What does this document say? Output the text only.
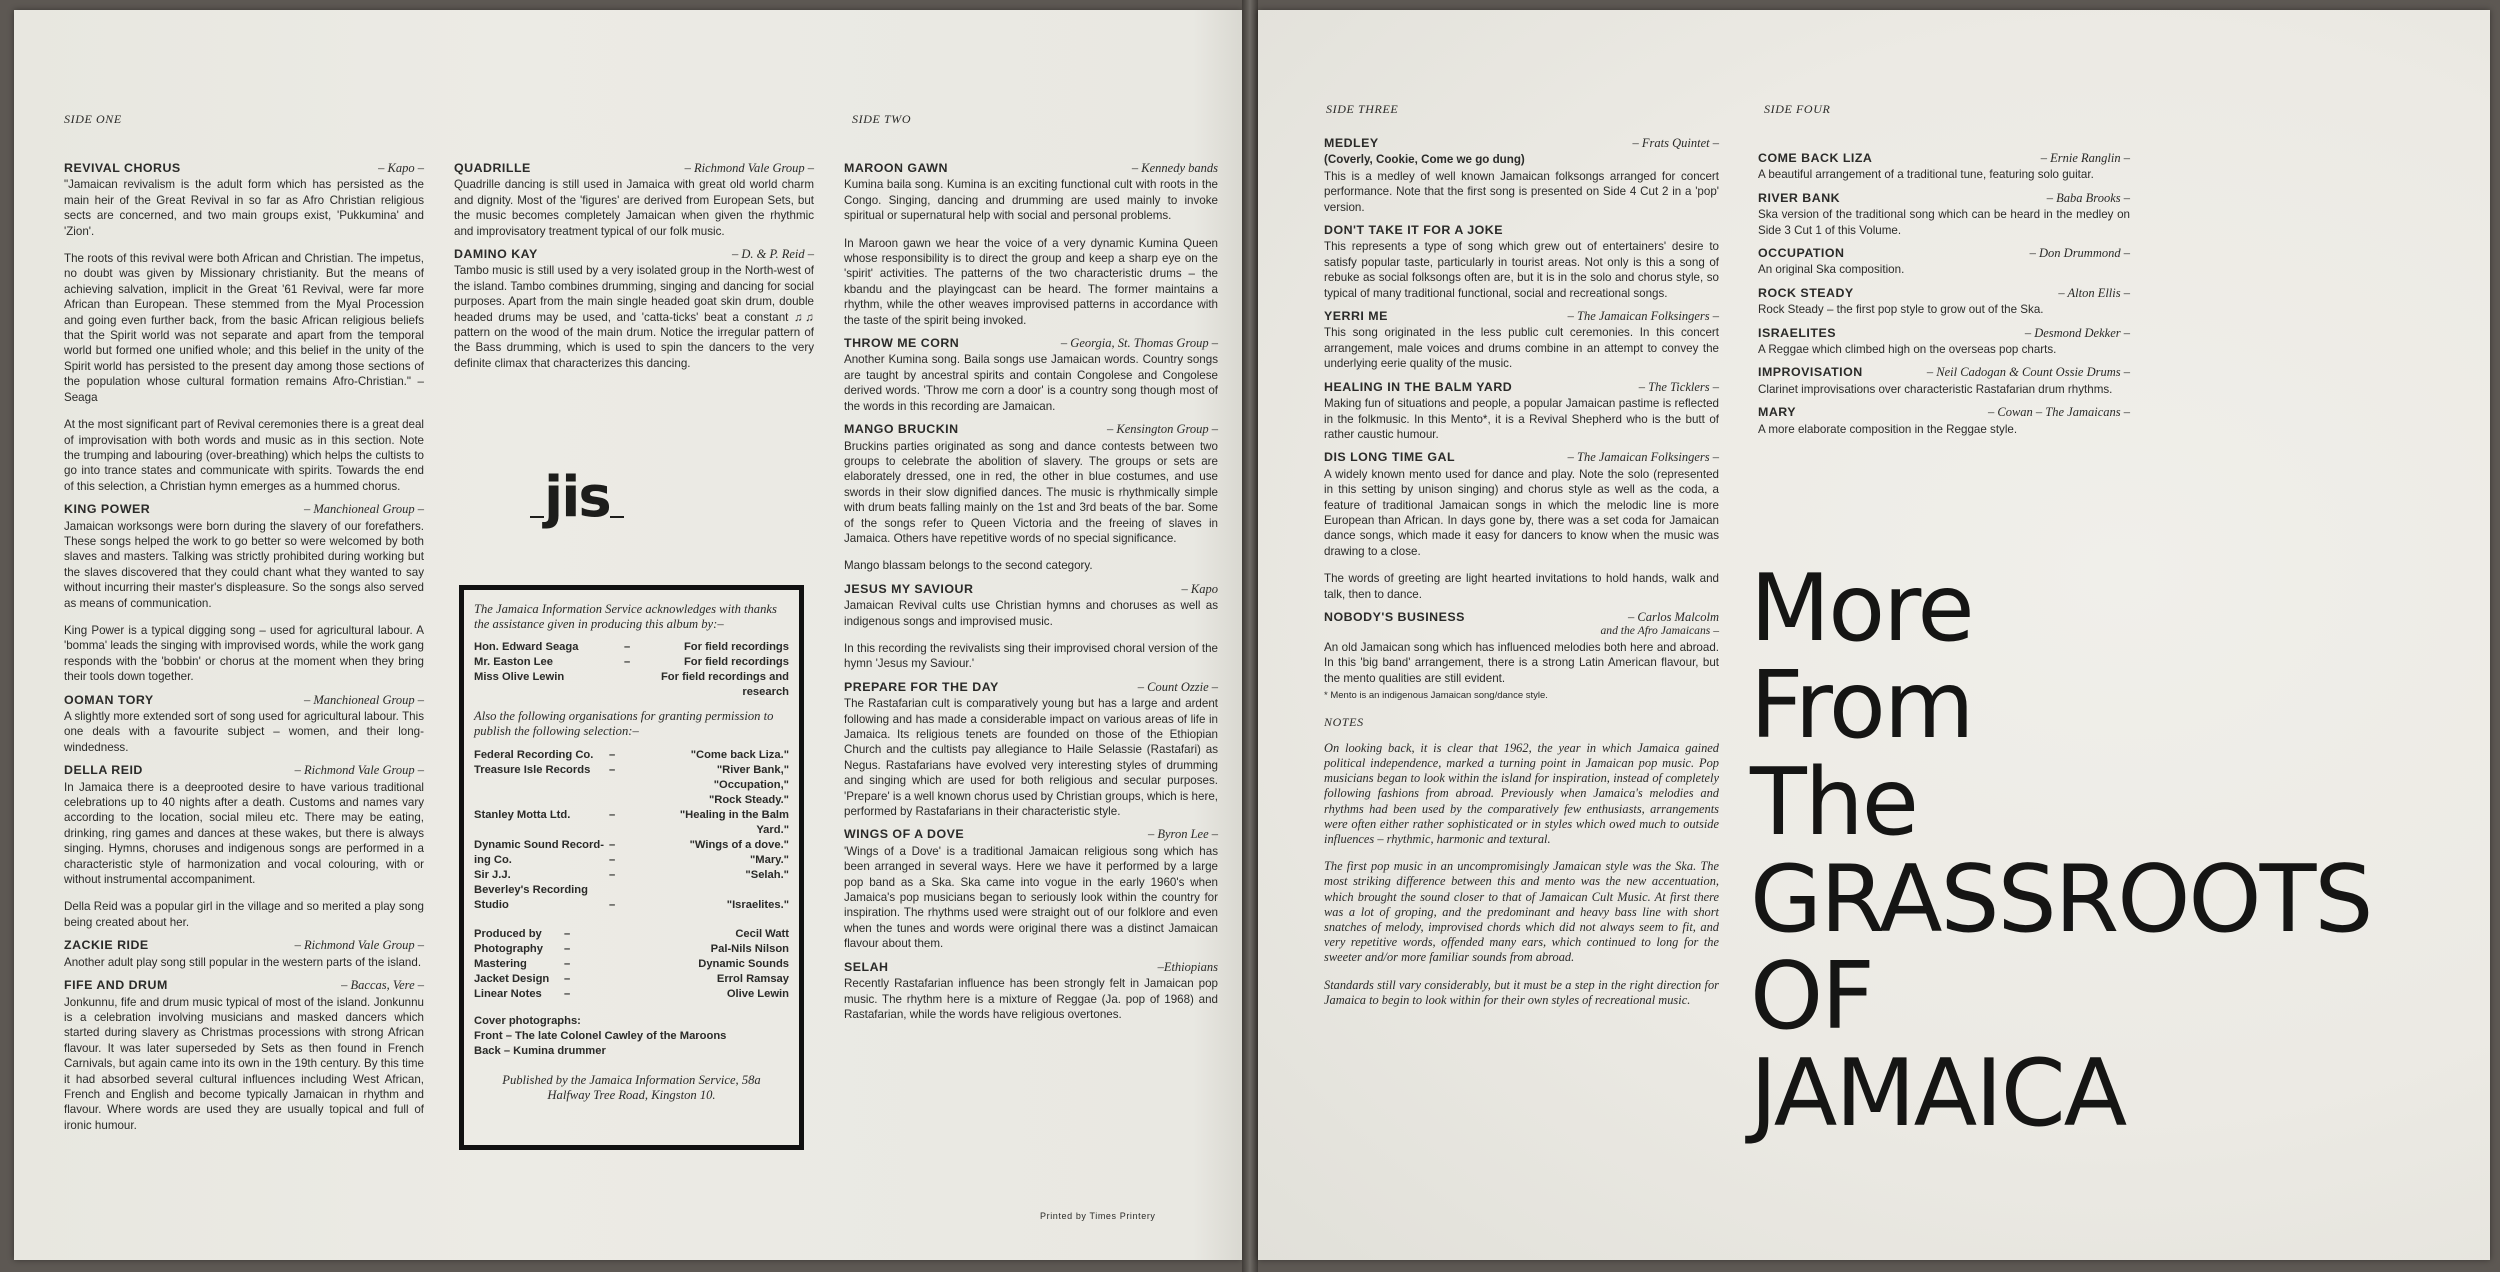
SIDE ONE	SIDE TWO
REVIVAL CHORUS	– Kapo –
"Jamaican revivalism is the adult form which has persisted as the main heir of the Great Revival in so far as Afro Christian religious sects are concerned, and two main groups exist, 'Pukkumina' and 'Zion'.
The roots of this revival were both African and Christian. The impetus, no doubt was given by Missionary christianity. But the means of achieving salvation, implicit in the Great '61 Revival, were far more African than European. These stemmed from the Myal Procession and going even further back, from the basic African religious beliefs that the Spirit world was not separate and apart from the temporal world but formed one unified whole; and this belief in the unity of the Spirit world has persisted to the present day among those sections of the population whose cultural formation remains Afro-Christian." – Seaga
At the most significant part of Revival ceremonies there is a great deal of improvisation with both words and music as in this section. Note the trumping and labouring (over-breathing) which helps the cultists to go into trance states and communicate with spirits. Towards the end of this selection, a Christian hymn emerges as a hummed chorus.
KING POWER	– Manchioneal Group –
Jamaican worksongs were born during the slavery of our forefathers. These songs helped the work to go better so were welcomed by both slaves and masters. Talking was strictly prohibited during working but the slaves discovered that they could chant what they wanted to say without incurring their master's displeasure. So the songs also served as means of communication.
King Power is a typical digging song – used for agricultural labour. A 'bomma' leads the singing with improvised words, while the work gang responds with the 'bobbin' or chorus at the moment when they bring their tools down together.
OOMAN TORY	– Manchioneal Group –
A slightly more extended sort of song used for agricultural labour. This one deals with a favourite subject – women, and their long-windedness.
DELLA REID	– Richmond Vale Group –
In Jamaica there is a deeprooted desire to have various traditional celebrations up to 40 nights after a death. Customs and names vary according to the location, social mileu etc. There may be eating, drinking, ring games and dances at these wakes, but there is always singing. Hymns, choruses and indigenous songs are performed in a characteristic style of harmonization and vocal colouring, with or without instrumental accompaniment.
Della Reid was a popular girl in the village and so merited a play song being created about her.
ZACKIE RIDE	– Richmond Vale Group –
Another adult play song still popular in the western parts of the island.
FIFE AND DRUM	– Baccas, Vere –
Jonkunnu, fife and drum music typical of most of the island. Jonkunnu is a celebration involving musicians and masked dancers which started during slavery as Christmas processions with strong African flavour. It was later superseded by Sets as then found in French Carnivals, but again came into its own in the 19th century. By this time it had absorbed several cultural influences including West African, French and English and become typically Jamaican in rhythm and flavour. Where words are used they are usually topical and full of ironic humour.
QUADRILLE	– Richmond Vale Group –
Quadrille dancing is still used in Jamaica with great old world charm and dignity. Most of the 'figures' are derived from European Sets, but the music becomes completely Jamaican when given the rhythmic and improvisatory treatment typical of our folk music.
DAMINO KAY	– D. & P. Reid –
Tambo music is still used by a very isolated group in the North-west of the island. Tambo combines drumming, singing and dancing for social purposes. Apart from the main single headed goat skin drum, double headed drums may be used, and 'catta-ticks' beat a constant ♫♫ pattern on the wood of the main drum. Notice the irregular pattern of the Bass drumming, which is used to spin the dancers to the very definite climax that characterizes this dancing.
MAROON GAWN	– Kennedy bands
Kumina baila song. Kumina is an exciting functional cult with roots in the Congo. Singing, dancing and drumming are used mainly to invoke spiritual or supernatural help with social and personal problems.
In Maroon gawn we hear the voice of a very dynamic Kumina Queen whose responsibility is to direct the group and keep a sharp eye on the 'spirit' activities. The patterns of the two characteristic drums – the kbandu and the playingcast can be heard. The former maintains a rhythm, while the other weaves improvised patterns in accordance with the taste of the spirit being invoked.
THROW ME CORN	– Georgia, St. Thomas Group –
Another Kumina song. Baila songs use Jamaican words. Country songs are taught by ancestral spirits and contain Congolese and Congolese derived words. 'Throw me corn a door' is a country song though most of the words in this recording are Jamaican.
MANGO BRUCKIN	– Kensington Group –
Bruckins parties originated as song and dance contests between two groups to celebrate the abolition of slavery. The groups or sets are elaborately dressed, one in red, the other in blue costumes, and use swords in their slow dignified dances. The music is rhythmically simple with drum beats falling mainly on the 1st and 3rd beats of the bar. Some of the songs refer to Queen Victoria and the freeing of slaves in Jamaica. Others have repetitive words of no special significance.
Mango blassam belongs to the second category.
JESUS MY SAVIOUR	– Kapo
Jamaican Revival cults use Christian hymns and choruses as well as indigenous songs and improvised music.
In this recording the revivalists sing their improvised choral version of the hymn 'Jesus my Saviour.'
PREPARE FOR THE DAY	– Count Ozzie –
The Rastafarian cult is comparatively young but has a large and ardent following and has made a considerable impact on various areas of life in Jamaica. Its religious tenets are founded on those of the Ethiopian Church and the cultists pay allegiance to Haile Selassie (Rastafari) as Negus. Rastafarians have evolved very interesting styles of drumming and singing which are used for both religious and secular purposes. 'Prepare' is a well known chorus used by Christian groups, which is here, performed by Rastafarians in their characteristic style.
WINGS OF A DOVE	– Byron Lee –
'Wings of a Dove' is a traditional Jamaican religious song which has been arranged in several ways. Here we have it performed by a large pop band as a Ska. Ska came into vogue in the early 1960's when Jamaica's pop musicians began to seriously look within the country for inspiration. The rhythms used were straight out of our folklore and even when the tunes and words were original there was a distinct Jamaican flavour about them.
SELAH	–Ethiopians
Recently Rastafarian influence has been strongly felt in Jamaican pop music. The rhythm here is a mixture of Reggae (Ja. pop of 1968) and Rastafarian, while the words have religious overtones.
jis
The Jamaica Information Service acknowledges with thanks the assistance given in producing this album by:–
Hon. Edward Seaga	–	For field recordings
Mr. Easton Lee	–	For field recordings
Miss Olive Lewin	For field recordings and research
Also the following organisations for granting permission to publish the following selection:–
Federal Recording Co.	–	"Come back Liza."
Treasure Isle Records	–	"River Bank,"
"Occupation,"
"Rock Steady."
Stanley Motta Ltd.	–	"Healing in the Balm Yard."
Dynamic Sound Record- –	"Wings of a dove."
ing Co.	–	"Mary."
Sir J.J.	–	"Selah."
Beverley's Recording
Studio	–	"Israelites."
Produced by	–	Cecil Watt
Photography	–	Pal-Nils Nilson
Mastering	–	Dynamic Sounds
Jacket Design	–	Errol Ramsay
Linear Notes	–	Olive Lewin
Cover photographs:
Front – The late Colonel Cawley of the Maroons
Back – Kumina drummer
Published by the Jamaica Information Service, 58a Halfway Tree Road, Kingston 10.
Printed by Times Printery
SIDE THREE	SIDE FOUR
MEDLEY	– Frats Quintet –
(Coverly, Cookie, Come we go dung)
This is a medley of well known Jamaican folksongs arranged for concert performance. Note that the first song is presented on Side 4 Cut 2 in a 'pop' version.
DON'T TAKE IT FOR A JOKE
This represents a type of song which grew out of entertainers' desire to satisfy popular taste, particularly in tourist areas. Not only is this a song of rebuke as social folksongs often are, but it is in the solo and chorus style, so typical of many traditional functional, social and recreational songs.
YERRI ME	– The Jamaican Folksingers –
This song originated in the less public cult ceremonies. In this concert arrangement, male voices and drums combine in an attempt to convey the underlying eerie quality of the music.
HEALING IN THE BALM YARD	– The Ticklers –
Making fun of situations and people, a popular Jamaican pastime is reflected in the folkmusic. In this Mento*, it is a Revival Shepherd who is the butt of rather caustic humour.
DIS LONG TIME GAL	– The Jamaican Folksingers –
A widely known mento used for dance and play. Note the solo (represented in this setting by unison singing) and chorus style as well as the coda, a feature of traditional Jamaican songs in which the melodic line is more European than African. In days gone by, there was a set coda for Jamaican dance songs, which made it easy for dancers to know when the music was drawing to a close.
The words of greeting are light hearted invitations to hold hands, walk and talk, then to dance.
NOBODY'S BUSINESS	– Carlos Malcolm
and the Afro Jamaicans –
An old Jamaican song which has influenced melodies both here and abroad. In this 'big band' arrangement, there is a strong Latin American flavour, but the mento qualities are still evident.
* Mento is an indigenous Jamaican song/dance style.
NOTES
On looking back, it is clear that 1962, the year in which Jamaica gained political independence, marked a turning point in Jamaican pop music. Pop musicians began to look within the island for inspiration, instead of completely following fashions from abroad. Previously when Jamaica's melodies and rhythms had been used by the comparatively few enthusiasts, arrangements were often either rather sophisticated or in styles which owed much to outside influences – rhythmic, harmonic and textural.
The first pop music in an uncompromisingly Jamaican style was the Ska. The most striking difference between this and mento was the new accentuation, which brought the sound closer to that of Jamaican Cult Music. At first there was a lot of groping, and the predominant and heavy bass line with short snatches of melody, improvised chords which did not always seem to fit, and very repetitive words, offended many ears, which continued to long for the sweeter and/or more familiar sounds from abroad.
Standards still vary considerably, but it must be a step in the right direction for Jamaica to begin to look within for their own styles of recreational music.
COME BACK LIZA	– Ernie Ranglin –
A beautiful arrangement of a traditional tune, featuring solo guitar.
RIVER BANK	– Baba Brooks –
Ska version of the traditional song which can be heard in the medley on Side 3 Cut 1 of this Volume.
OCCUPATION	– Don Drummond –
An original Ska composition.
ROCK STEADY	– Alton Ellis –
Rock Steady – the first pop style to grow out of the Ska.
ISRAELITES	– Desmond Dekker –
A Reggae which climbed high on the overseas pop charts.
IMPROVISATION	– Neil Cadogan & Count Ossie Drums –
Clarinet improvisations over characteristic Rastafarian drum rhythms.
MARY	– Cowan – The Jamaicans –
A more elaborate composition in the Reggae style.
More
From
The
GRASSROOTS
OF
JAMAICA
